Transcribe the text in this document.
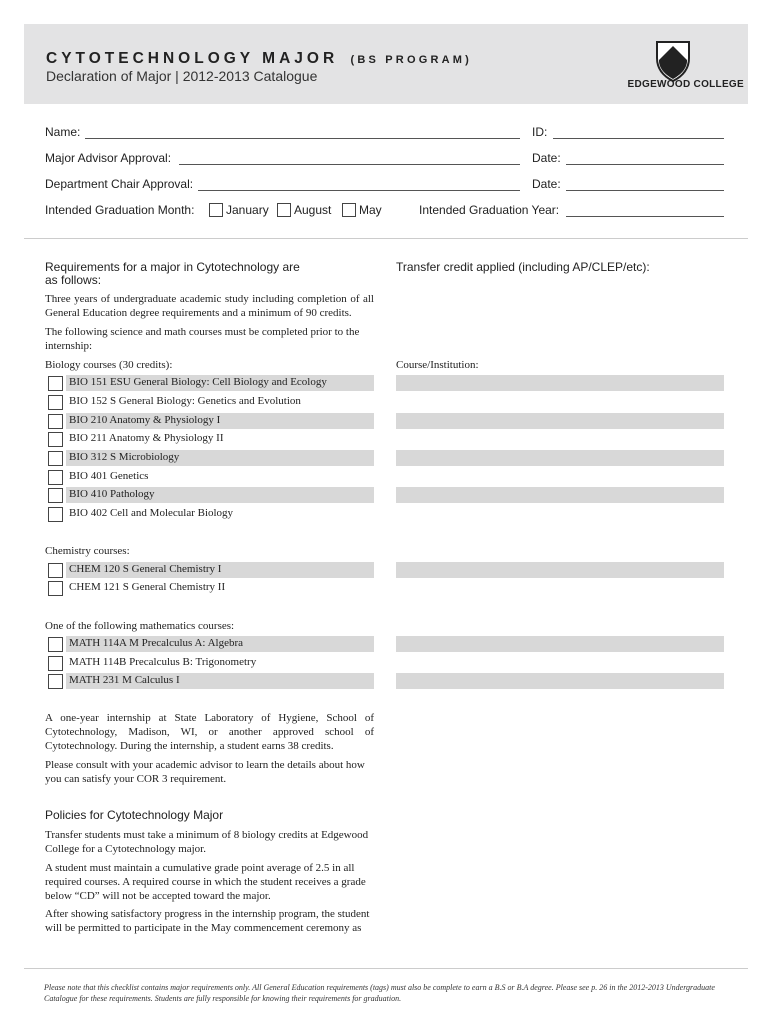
CYTOTECHNOLOGY MAJOR (BS PROGRAM)
Declaration of Major | 2012-2013 Catalogue
EDGEWOOD COLLEGE
Name:	ID:
Major Advisor Approval:	Date:
Department Chair Approval:	Date:
Intended Graduation Month:	January August May	Intended Graduation Year:
Requirements for a major in Cytotechnology are as follows:
Three years of undergraduate academic study including completion of all General Education degree requirements and a minimum of 90 credits.
The following science and math courses must be completed prior to the internship:
Biology courses (30 credits):
BIO 151 ESU General Biology: Cell Biology and Ecology
BIO 152 S General Biology: Genetics and Evolution
BIO 210 Anatomy & Physiology I
BIO 211 Anatomy & Physiology II
BIO 312 S Microbiology
BIO 401 Genetics
BIO 410 Pathology
BIO 402 Cell and Molecular Biology
Chemistry courses:
CHEM 120 S General Chemistry I
CHEM 121 S General Chemistry II
One of the following mathematics courses:
MATH 114A M Precalculus A: Algebra
MATH 114B Precalculus B: Trigonometry
MATH 231 M Calculus I
A one-year internship at State Laboratory of Hygiene, School of Cytotechnology, Madison, WI, or another approved school of Cytotechnology. During the internship, a student earns 38 credits.
Please consult with your academic advisor to learn the details about how you can satisfy your COR 3 requirement.
Policies for Cytotechnology Major
Transfer students must take a minimum of 8 biology credits at Edgewood College for a Cytotechnology major.
A student must maintain a cumulative grade point average of 2.5 in all required courses. A required course in which the student receives a grade below “CD” will not be accepted toward the major.
After showing satisfactory progress in the internship program, the student will be permitted to participate in the May commencement ceremony as
Transfer credit applied (including AP/CLEP/etc):
Course/Institution:
Please note that this checklist contains major requirements only. All General Education requirements (tags) must also be complete to earn a B.S or B.A degree. Please see p. 26 in the 2012-2013 Undergraduate Catalogue for these requirements. Students are fully responsible for knowing their requirements for graduation.
